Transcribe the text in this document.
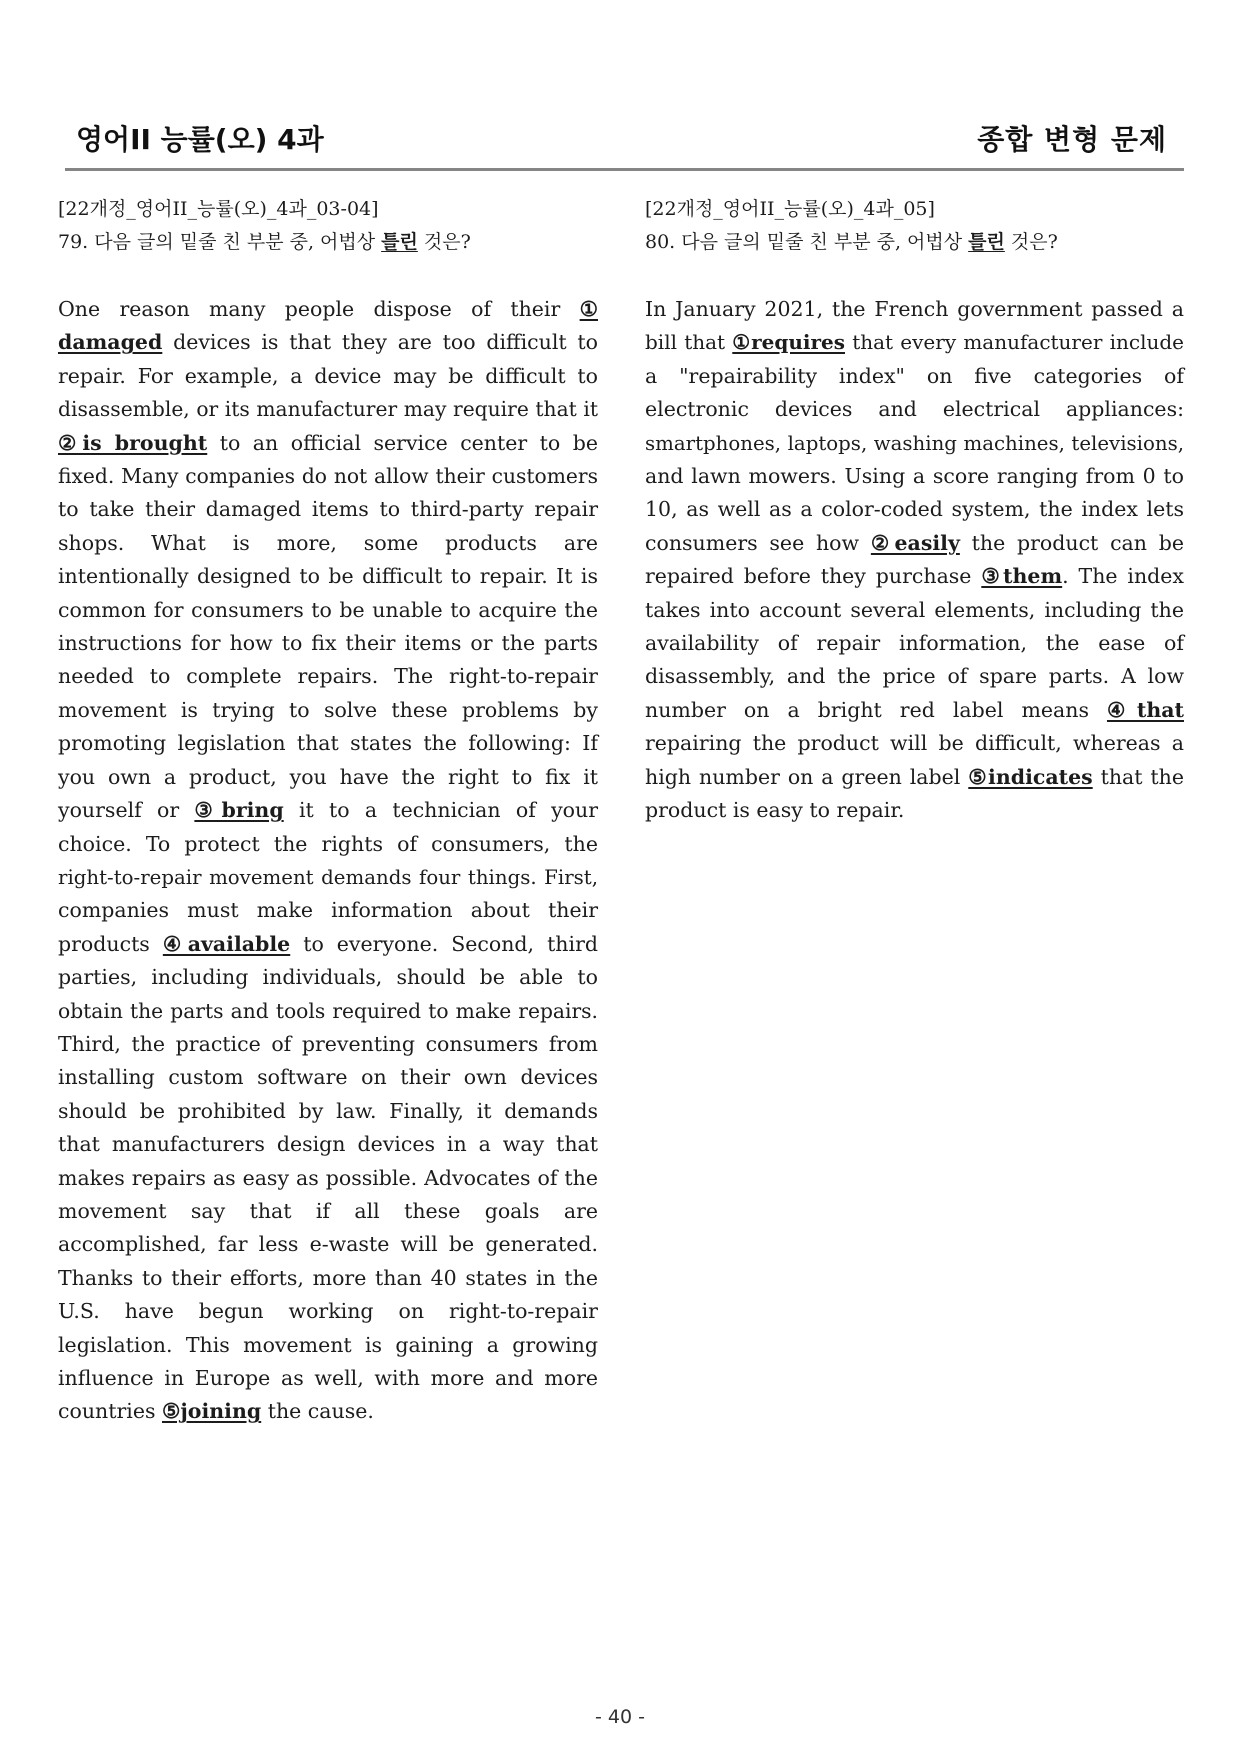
영어II 능률(오) 4과	종합 변형 문제
[22개정_영어II_능률(오)_4과_03-04]
79. 다음 글의 밑줄 친 부분 중, 어법상 틀린 것은?
One reason many people dispose of their ①
damaged devices is that they are too difficult to
repair. For example, a device may be difficult to
disassemble, or its manufacturer may require that it
②is brought to an official service center to be
fixed. Many companies do not allow their customers
to take their damaged items to third-party repair
shops. What is more, some products are
intentionally designed to be difficult to repair. It is
common for consumers to be unable to acquire the
instructions for how to fix their items or the parts
needed to complete repairs. The right-to-repair
movement is trying to solve these problems by
promoting legislation that states the following: If
you own a product, you have the right to fix it
yourself or ③bring it to a technician of your
choice. To protect the rights of consumers, the
right-to-repair movement demands four things. First,
companies must make information about their
products ④available to everyone. Second, third
parties, including individuals, should be able to
obtain the parts and tools required to make repairs.
Third, the practice of preventing consumers from
installing custom software on their own devices
should be prohibited by law. Finally, it demands
that manufacturers design devices in a way that
makes repairs as easy as possible. Advocates of the
movement say that if all these goals are
accomplished, far less e-waste will be generated.
Thanks to their efforts, more than 40 states in the
U.S. have begun working on right-to-repair
legislation. This movement is gaining a growing
influence in Europe as well, with more and more
countries ⑤joining the cause.
[22개정_영어II_능률(오)_4과_05]
80. 다음 글의 밑줄 친 부분 중, 어법상 틀린 것은?
In January 2021, the French government passed a
bill that ①requires that every manufacturer include
a "repairability index" on five categories of
electronic devices and electrical appliances:
smartphones, laptops, washing machines, televisions,
and lawn mowers. Using a score ranging from 0 to
10, as well as a color-coded system, the index lets
consumers see how ②easily the product can be
repaired before they purchase ③them. The index
takes into account several elements, including the
availability of repair information, the ease of
disassembly, and the price of spare parts. A low
number on a bright red label means ④that
repairing the product will be difficult, whereas a
high number on a green label ⑤indicates that the
product is easy to repair.
- 40 -
